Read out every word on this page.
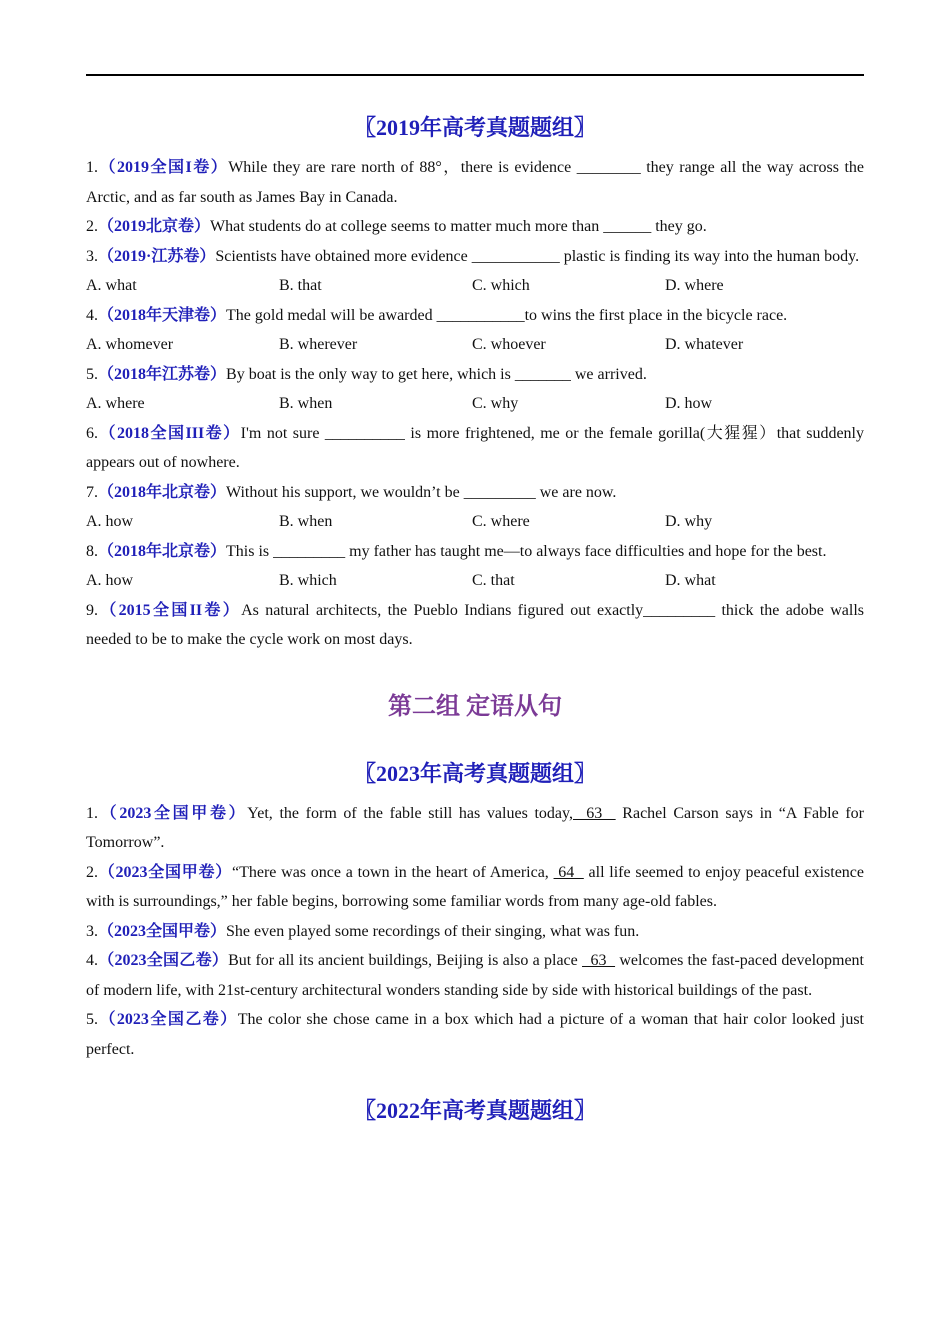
〖2019年高考真题题组〗

1.（2019全国I卷）While they are rare north of 88°，there is evidence ________ they range all the way across the Arctic, and as far south as James Bay in Canada.

2.（2019北京卷）What students do at college seems to matter much more than ______ they go.

3.（2019·江苏卷）Scientists have obtained more evidence ___________ plastic is finding its way into the human body.

A. what	B. that	C. which	D. where

4.（2018年天津卷）The gold medal will be awarded ___________to wins the first place in the bicycle race.

A. whomever	B. wherever	C. whoever	D. whatever

5.（2018年江苏卷）By boat is the only way to get here, which is _______ we arrived.

A. where	B. when	C. why	D. how

6.（2018全国III卷）I'm not sure __________ is more frightened, me or the female gorilla(大猩猩）that suddenly appears out of nowhere.

7.（2018年北京卷）Without his support, we wouldn’t be _________ we are now.

A. how	B. when	C. where	D. why

8.（2018年北京卷）This is _________ my father has taught me—to always face difficulties and hope for the best.

A. how	B. which	C. that	D. what

9.（2015全国II卷）As natural architects, the Pueblo Indians figured out exactly_________ thick the adobe walls needed to be to make the cycle work on most days.

第二组 定语从句
〖2023年高考真题题组〗

1.（2023全国甲卷）Yet, the form of the fable still has values today,  63   Rachel Carson says in “A Fable for Tomorrow”.

2.（2023全国甲卷）“There was once a town in the heart of America,  64   all life seemed to enjoy peaceful existence with is surroundings,” her fable begins, borrowing some familiar words from many age-old fables.

3.（2023全国甲卷）She even played some recordings of their singing, what was fun.

4.（2023全国乙卷）But for all its ancient buildings, Beijing is also a place   63   welcomes the fast-paced development of modern life, with 21st-century architectural wonders standing side by side with historical buildings of the past.

5.（2023全国乙卷）The color she chose came in a box which had a picture of a woman that hair color looked just perfect.

〖2022年高考真题题组〗
